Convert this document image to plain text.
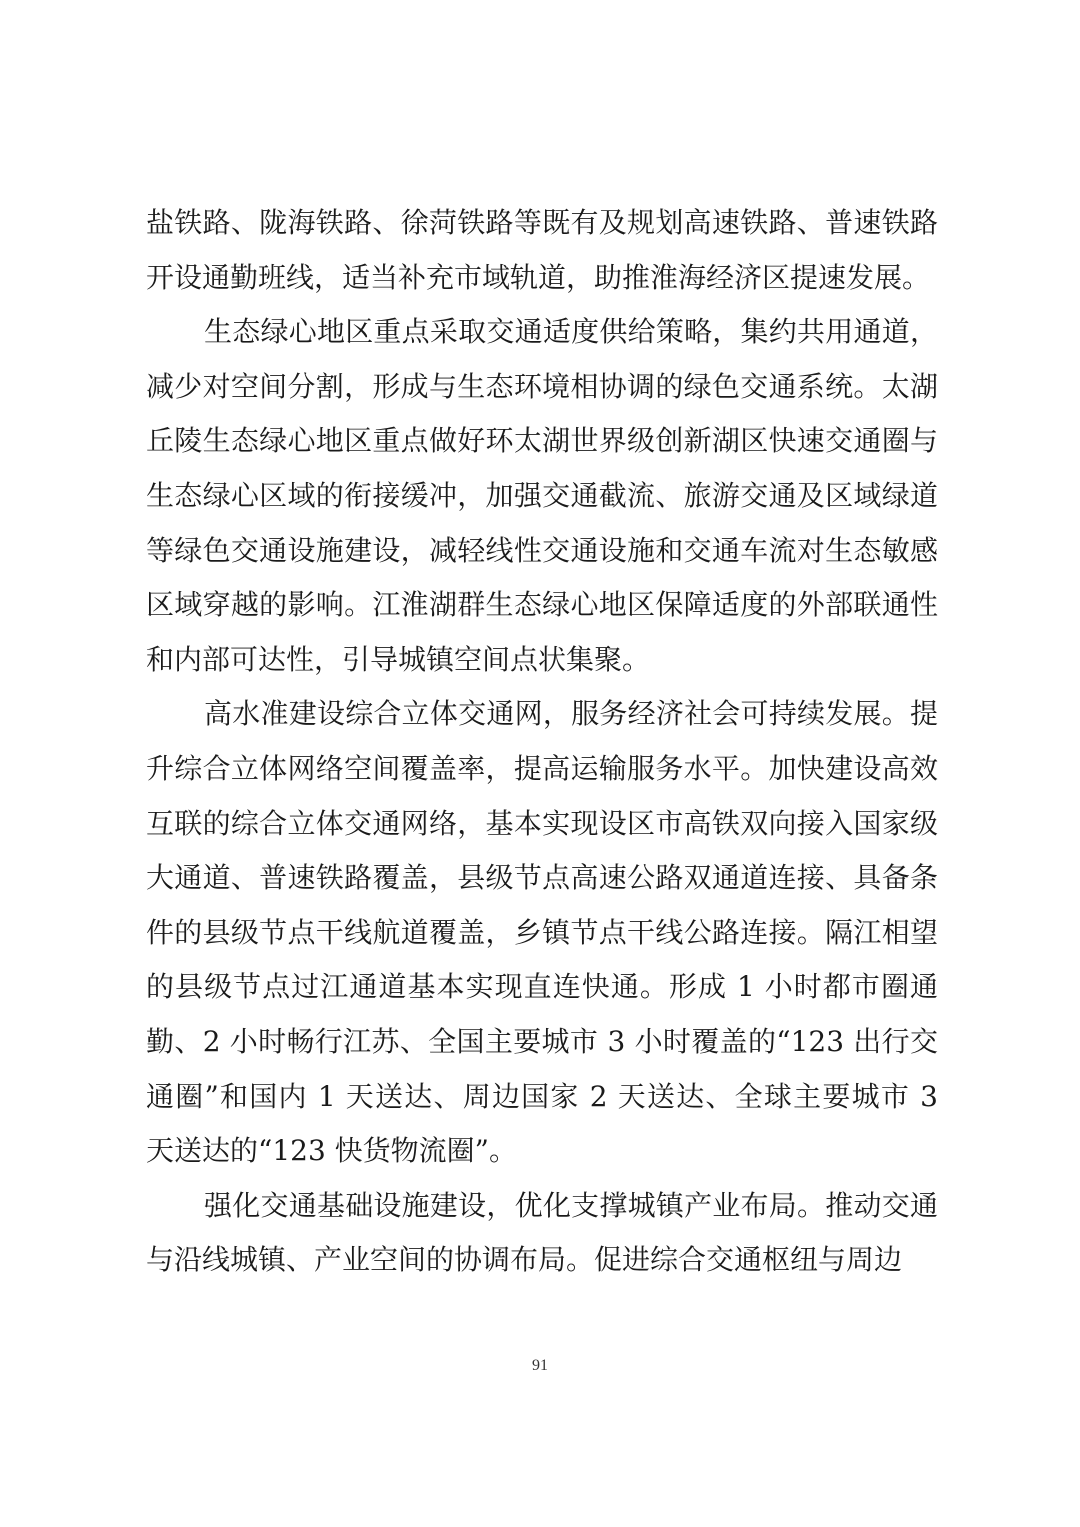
盐铁路、陇海铁路、徐菏铁路等既有及规划高速铁路、普速铁路开设通勤班线，适当补充市域轨道，助推淮海经济区提速发展。

生态绿心地区重点采取交通适度供给策略，集约共用通道，减少对空间分割，形成与生态环境相协调的绿色交通系统。太湖丘陵生态绿心地区重点做好环太湖世界级创新湖区快速交通圈与生态绿心区域的衔接缓冲，加强交通截流、旅游交通及区域绿道等绿色交通设施建设，减轻线性交通设施和交通车流对生态敏感区域穿越的影响。江淮湖群生态绿心地区保障适度的外部联通性和内部可达性，引导城镇空间点状集聚。

高水准建设综合立体交通网，服务经济社会可持续发展。提升综合立体网络空间覆盖率，提高运输服务水平。加快建设高效互联的综合立体交通网络，基本实现设区市高铁双向接入国家级大通道、普速铁路覆盖，县级节点高速公路双通道连接、具备条件的县级节点干线航道覆盖，乡镇节点干线公路连接。隔江相望的县级节点过江通道基本实现直连快通。形成 1 小时都市圈通勤、2 小时畅行江苏、全国主要城市 3 小时覆盖的“123 出行交通圈”和国内 1 天送达、周边国家 2 天送达、全球主要城市 3 天送达的“123 快货物流圈”。

强化交通基础设施建设，优化支撑城镇产业布局。推动交通与沿线城镇、产业空间的协调布局。促进综合交通枢纽与周边

91
